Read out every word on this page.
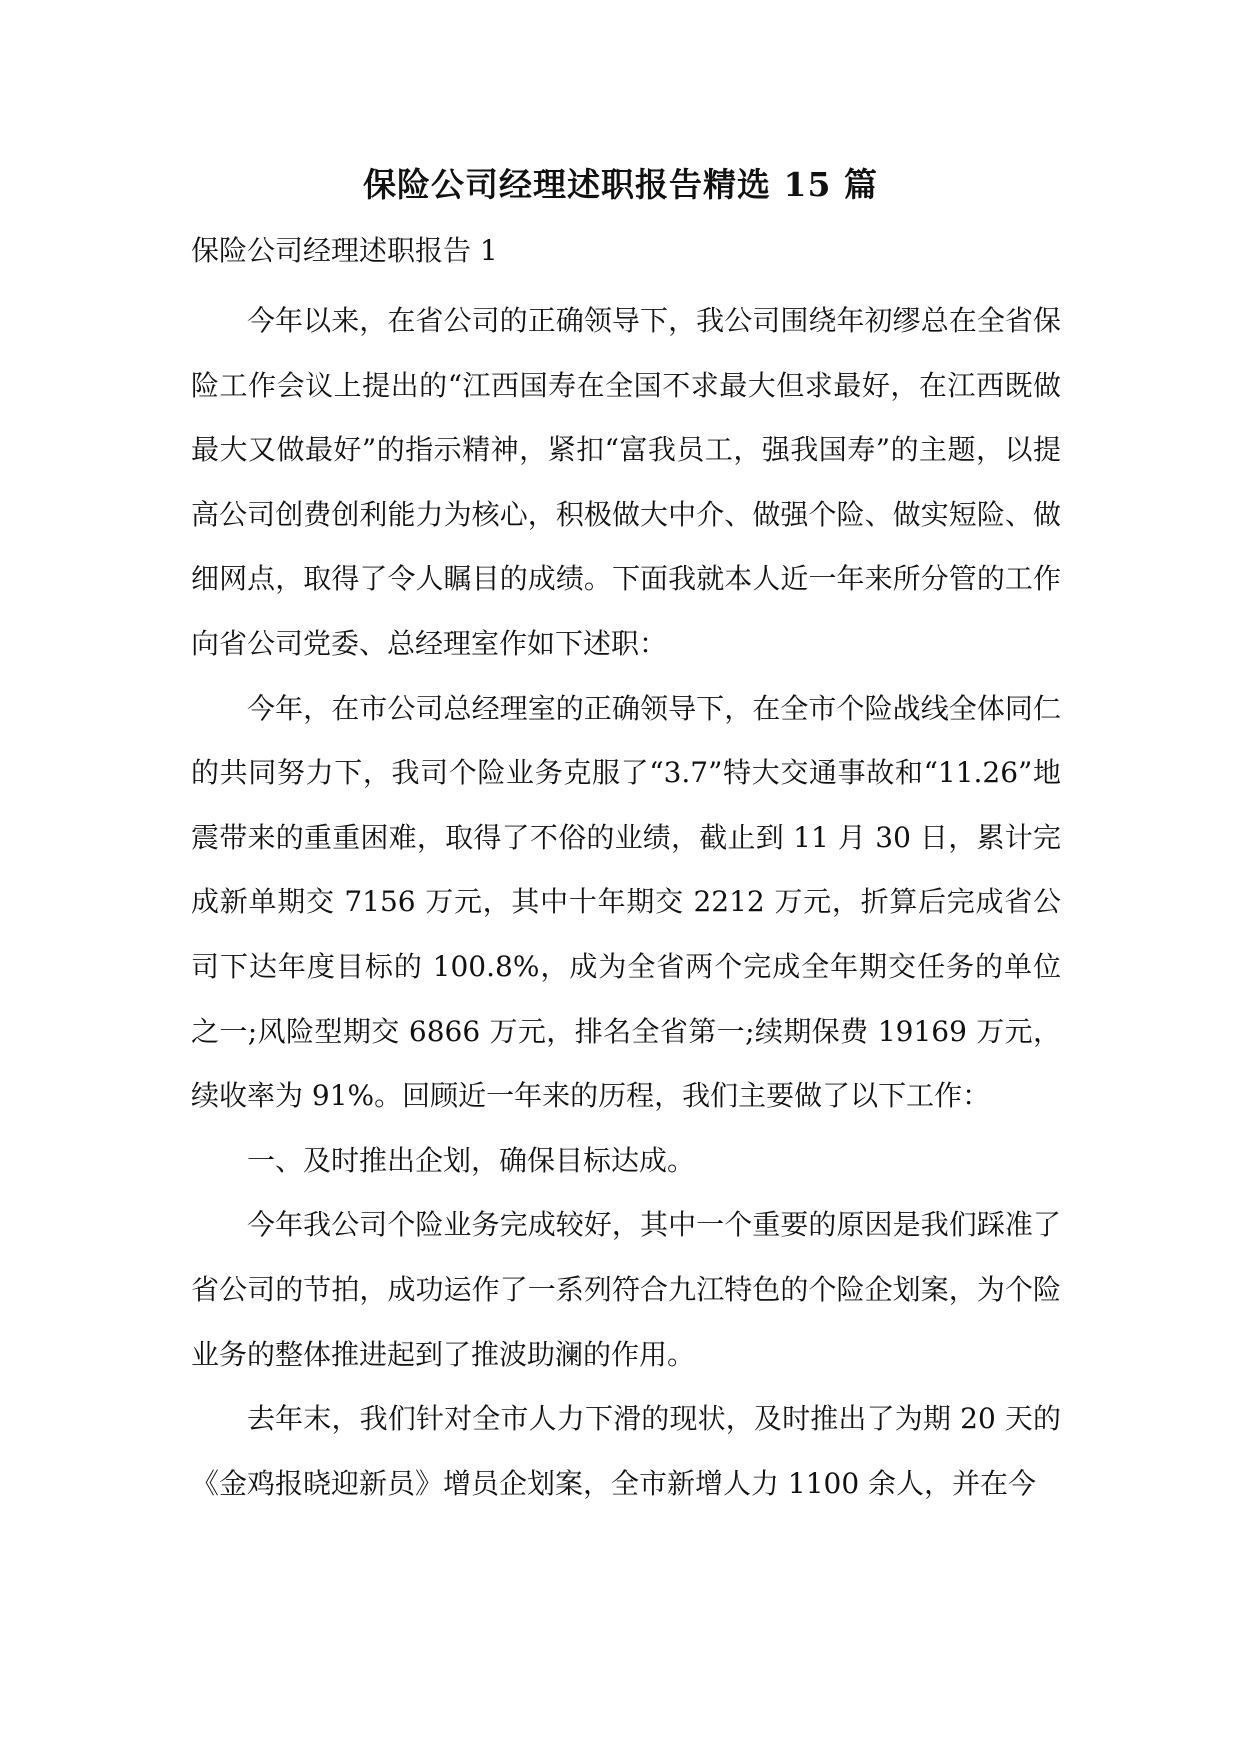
保险公司经理述职报告精选 15 篇
保险公司经理述职报告 1

今年以来，在省公司的正确领导下，我公司围绕年初缪总在全省保险工作会议上提出的“江西国寿在全国不求最大但求最好，在江西既做最大又做最好”的指示精神，紧扣“富我员工，强我国寿”的主题，以提高公司创费创利能力为核心，积极做大中介、做强个险、做实短险、做细网点，取得了令人瞩目的成绩。下面我就本人近一年来所分管的工作向省公司党委、总经理室作如下述职：

今年，在市公司总经理室的正确领导下，在全市个险战线全体同仁的共同努力下，我司个险业务克服了“3.7”特大交通事故和“11.26”地震带来的重重困难，取得了不俗的业绩，截止到 11 月 30 日，累计完成新单期交 7156 万元，其中十年期交 2212 万元，折算后完成省公司下达年度目标的 100.8%，成为全省两个完成全年期交任务的单位之一;风险型期交 6866 万元，排名全省第一;续期保费 19169 万元，续收率为 91%。回顾近一年来的历程，我们主要做了以下工作：

一、及时推出企划，确保目标达成。

今年我公司个险业务完成较好，其中一个重要的原因是我们踩准了省公司的节拍，成功运作了一系列符合九江特色的个险企划案，为个险业务的整体推进起到了推波助澜的作用。

去年末，我们针对全市人力下滑的现状，及时推出了为期 20 天的《金鸡报晓迎新员》增员企划案，全市新增人力 1100 余人，并在今
